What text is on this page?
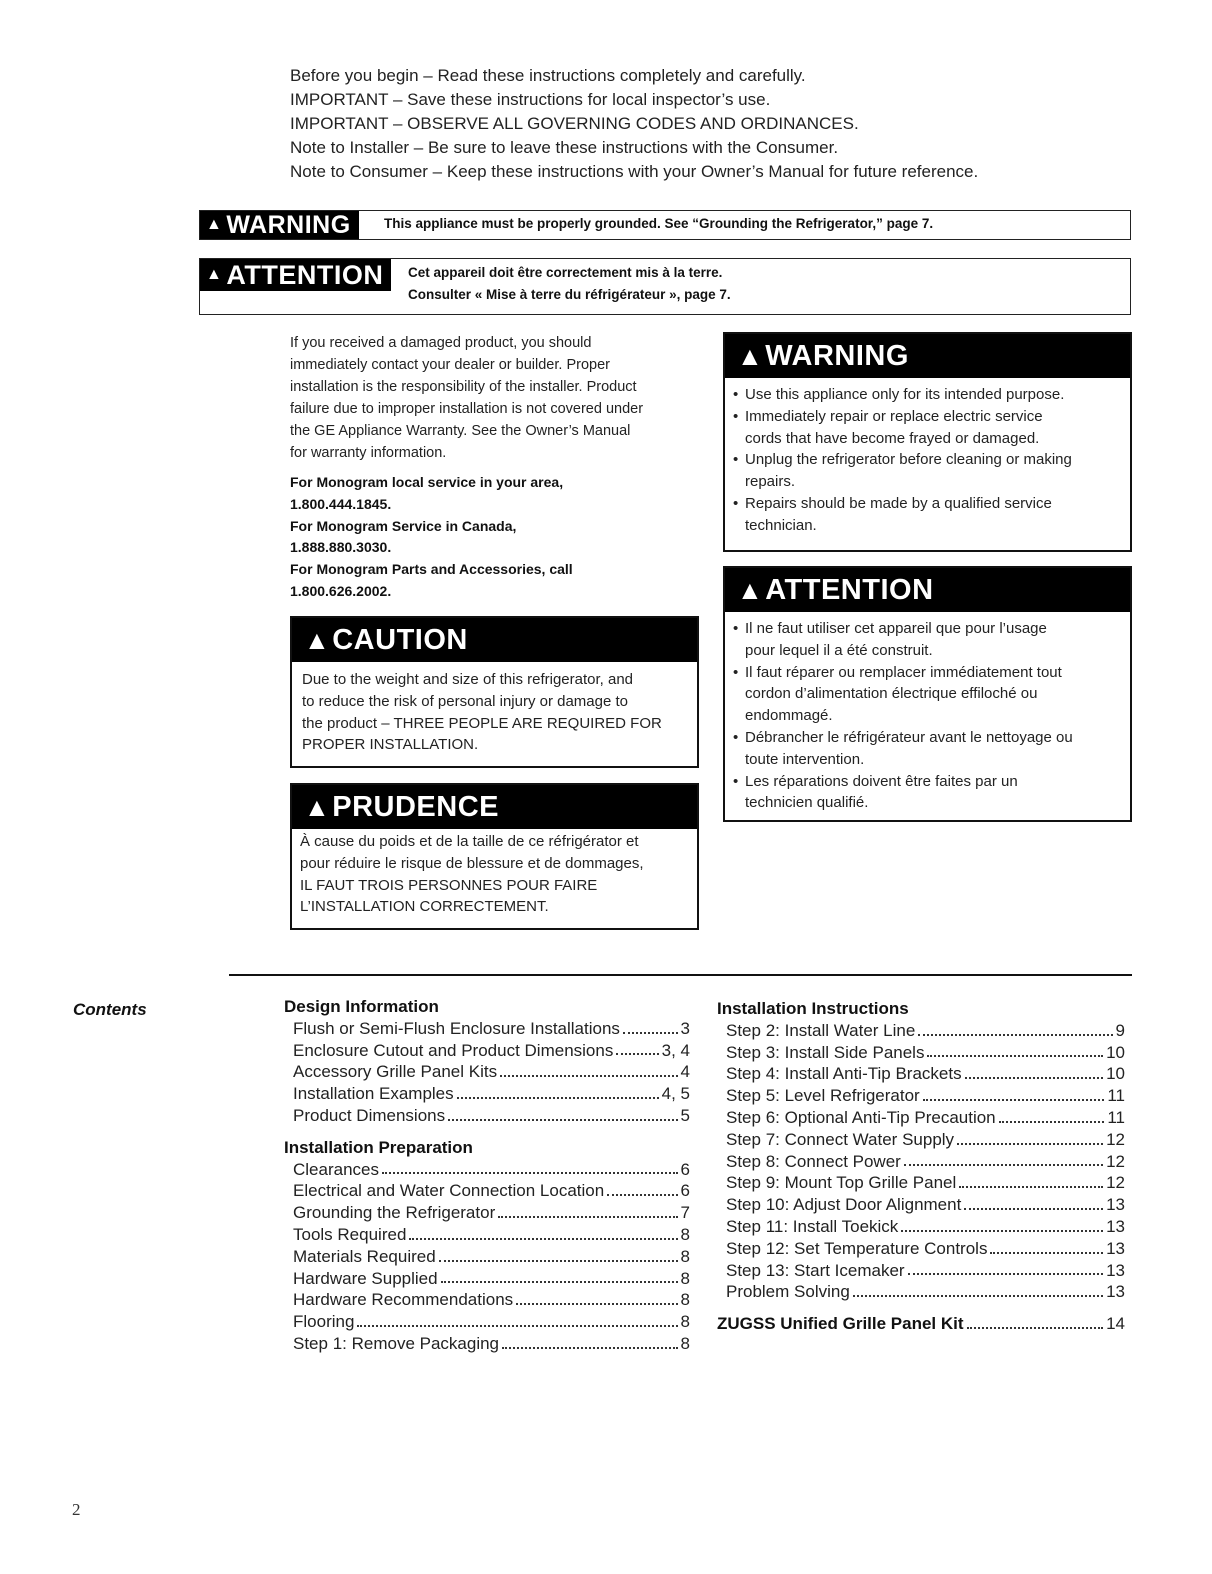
Before you begin – Read these instructions completely and carefully.
IMPORTANT – Save these instructions for local inspector’s use.
IMPORTANT – OBSERVE ALL GOVERNING CODES AND ORDINANCES.
Note to Installer – Be sure to leave these instructions with the Consumer.
Note to Consumer – Keep these instructions with your Owner’s Manual for future reference.
▲ WARNING This appliance must be properly grounded. See “Grounding the Refrigerator,” page 7.
▲ ATTENTION Cet appareil doit être correctement mis à la terre.
Consulter « Mise à terre du réfrigérateur », page 7.
If you received a damaged product, you should
immediately contact your dealer or builder. Proper
installation is the responsibility of the installer. Product
failure due to improper installation is not covered under
the GE Appliance Warranty. See the Owner’s Manual
for warranty information.
For Monogram local service in your area,
1.800.444.1845.
For Monogram Service in Canada,
1.888.880.3030.
For Monogram Parts and Accessories, call
1.800.626.2002.
▲ CAUTION
Due to the weight and size of this refrigerator, and
to reduce the risk of personal injury or damage to
the product – THREE PEOPLE ARE REQUIRED FOR
PROPER INSTALLATION.
▲ PRUDENCE
À cause du poids et de la taille de ce réfrigérator et
pour réduire le risque de blessure et de dommages,
IL FAUT TROIS PERSONNES POUR FAIRE
L’INSTALLATION CORRECTEMENT.
▲ WARNING
• Use this appliance only for its intended purpose.
• Immediately repair or replace electric service
cords that have become frayed or damaged.
• Unplug the refrigerator before cleaning or making
repairs.
• Repairs should be made by a qualified service
technician.
▲ ATTENTION
• Il ne faut utiliser cet appareil que pour l’usage
pour lequel il a été construit.
• Il faut réparer ou remplacer immédiatement tout
cordon d’alimentation électrique effiloché ou
endommagé.
• Débrancher le réfrigérateur avant le nettoyage ou
toute intervention.
• Les réparations doivent être faites par un
technicien qualifié.
Contents	Design Information
Flush or Semi-Flush Enclosure Installations	3
Enclosure Cutout and Product Dimensions	3, 4
Accessory Grille Panel Kits	4
Installation Examples	4, 5
Product Dimensions	5
Installation Preparation
Clearances	6
Electrical and Water Connection Location	6
Grounding the Refrigerator	7
Tools Required	8
Materials Required	8
Hardware Supplied	8
Hardware Recommendations	8
Flooring	8
Step 1: Remove Packaging	8
Installation Instructions
Step 2: Install Water Line	9
Step 3: Install Side Panels	10
Step 4: Install Anti-Tip Brackets	10
Step 5: Level Refrigerator	11
Step 6: Optional Anti-Tip Precaution	11
Step 7: Connect Water Supply	12
Step 8: Connect Power	12
Step 9: Mount Top Grille Panel	12
Step 10: Adjust Door Alignment	13
Step 11: Install Toekick	13
Step 12: Set Temperature Controls	13
Step 13: Start Icemaker	13
Problem Solving	13
ZUGSS Unified Grille Panel Kit	14
2
